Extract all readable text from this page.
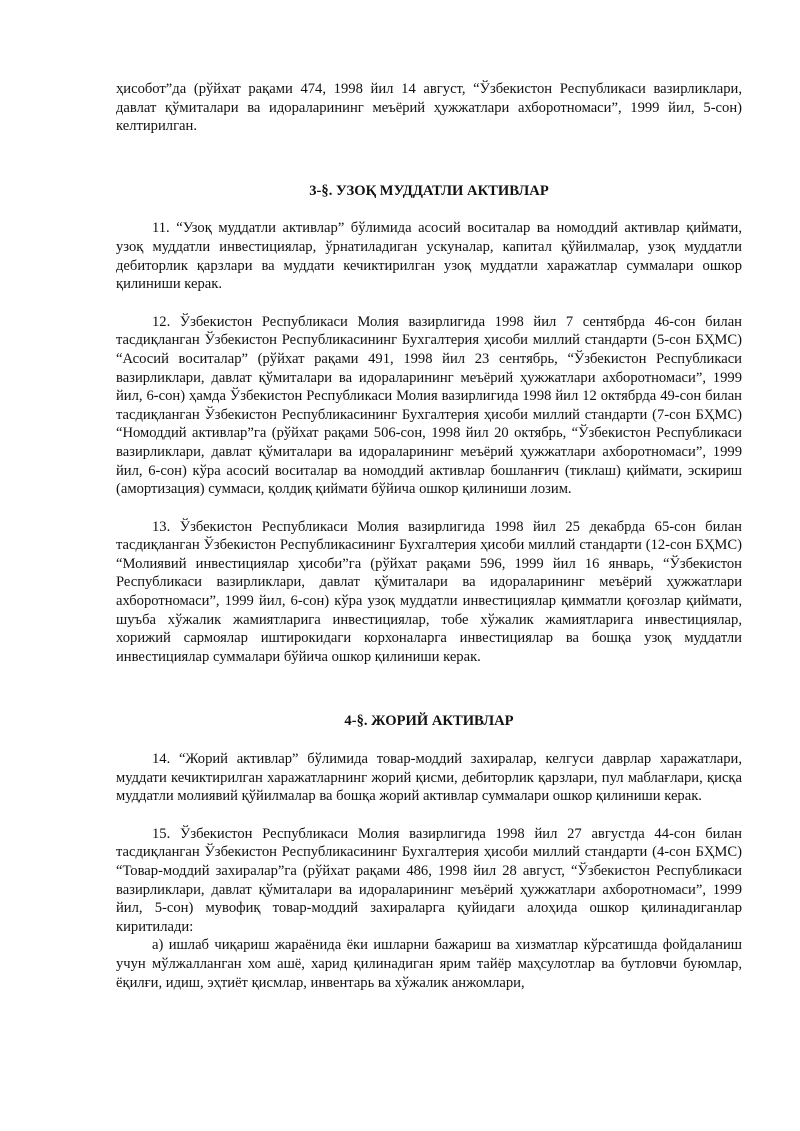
ҳисобот”да (рўйхат рақами 474, 1998 йил 14 август, “Ўзбекистон Республикаси вазирликлари, давлат қўмиталари ва идораларининг меъёрий ҳужжатлари ахборотномаси”, 1999 йил, 5-сон) келтирилган.

3-§. УЗОҚ МУДДАТЛИ АКТИВЛАР

11. “Узоқ муддатли активлар” бўлимида асосий воситалар ва номоддий активлар қиймати, узоқ муддатли инвестициялар, ўрнатиладиган ускуналар, капитал қўйилмалар, узоқ муддатли дебиторлик қарзлари ва муддати кечиктирилган узоқ муддатли харажатлар суммалари ошкор қилиниши керак.

12. Ўзбекистон Республикаси Молия вазирлигида 1998 йил 7 сентябрда 46-сон билан тасдиқланган Ўзбекистон Республикасининг Бухгалтерия ҳисоби миллий стандарти (5-сон БҲМС) “Асосий воситалар” (рўйхат рақами 491, 1998 йил 23 сентябрь, “Ўзбекистон Республикаси вазирликлари, давлат қўмиталари ва идораларининг меъёрий ҳужжатлари ахборотномаси”, 1999 йил, 6-сон) ҳамда Ўзбекистон Республикаси Молия вазирлигида 1998 йил 12 октябрда 49-сон билан тасдиқланган Ўзбекистон Республикасининг Бухгалтерия ҳисоби миллий стандарти (7-сон БҲМС) “Номоддий активлар”га (рўйхат рақами 506-сон, 1998 йил 20 октябрь, “Ўзбекистон Республикаси вазирликлари, давлат қўмиталари ва идораларининг меъёрий ҳужжатлари ахборотномаси”, 1999 йил, 6-сон) кўра асосий воситалар ва номоддий активлар бошланғич (тиклаш) қиймати, эскириш (амортизация) суммаси, қолдиқ қиймати бўйича ошкор қилиниши лозим.

13. Ўзбекистон Республикаси Молия вазирлигида 1998 йил 25 декабрда 65-сон билан тасдиқланган Ўзбекистон Республикасининг Бухгалтерия ҳисоби миллий стандарти (12-сон БҲМС) “Молиявий инвестициялар ҳисоби”га (рўйхат рақами 596, 1999 йил 16 январь, “Ўзбекистон Республикаси вазирликлари, давлат қўмиталари ва идораларининг меъёрий ҳужжатлари ахборотномаси”, 1999 йил, 6-сон) кўра узоқ муддатли инвестициялар қимматли қоғозлар қиймати, шуъба хўжалик жамиятларига инвестициялар, тобе хўжалик жамиятларига инвестициялар, хорижий сармоялар иштирокидаги корхоналарга инвестициялар ва бошқа узоқ муддатли инвестициялар суммалари бўйича ошкор қилиниши керак.

4-§. ЖОРИЙ АКТИВЛАР

14. “Жорий активлар” бўлимида товар-моддий захиралар, келгуси даврлар харажатлари, муддати кечиктирилган харажатларнинг жорий қисми, дебиторлик қарзлари, пул маблағлари, қисқа муддатли молиявий қўйилмалар ва бошқа жорий активлар суммалари ошкор қилиниши керак.

15. Ўзбекистон Республикаси Молия вазирлигида 1998 йил 27 августда 44-сон билан тасдиқланган Ўзбекистон Республикасининг Бухгалтерия ҳисоби миллий стандарти (4-сон БҲМС) “Товар-моддий захиралар”га (рўйхат рақами 486, 1998 йил 28 август, “Ўзбекистон Республикаси вазирликлари, давлат қўмиталари ва идораларининг меъёрий ҳужжатлари ахборотномаси”, 1999 йил, 5-сон) мувофиқ товар-моддий захираларга қуйидаги алоҳида ошкор қилинадиганлар киритилади:

а) ишлаб чиқариш жараёнида ёки ишларни бажариш ва хизматлар кўрсатишда фойдаланиш учун мўлжалланган хом ашё, харид қилинадиган ярим тайёр маҳсулотлар ва бутловчи буюмлар, ёқилғи, идиш, эҳтиёт қисмлар, инвентарь ва хўжалик анжомлари,
